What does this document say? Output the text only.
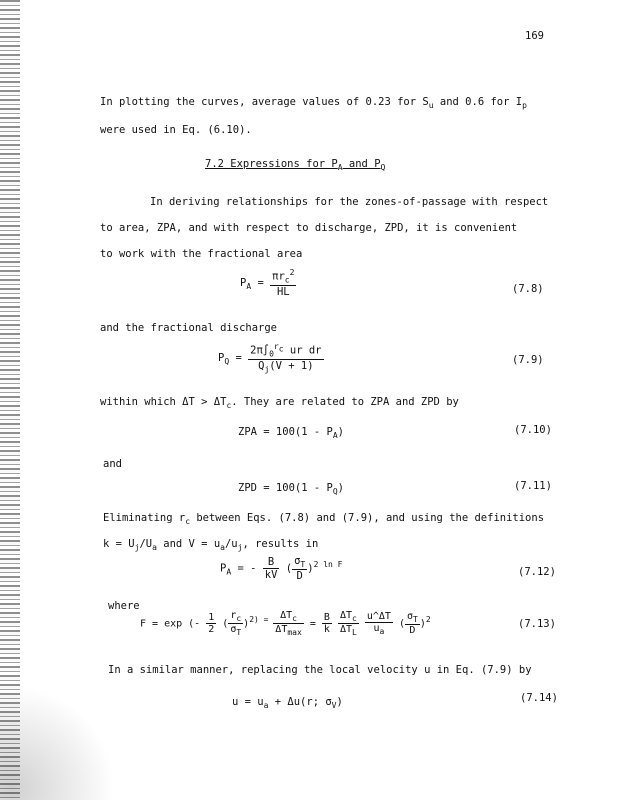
169
In plotting the curves, average values of 0.23 for $S_u$ and 0.6 for $I_p$
were used in Eq. (6.10).
7.2 Expressions for $P_A$ and $P_Q$
In deriving relationships for the zones-of-passage with respect
to area, ZPA, and with respect to discharge, ZPD, it is convenient
to work with the fractional area
$P_A = \frac{\pi r_c^2}{HL}$	(7.8)
and the fractional discharge
$P_Q = \frac{2\pi\int_0^{r_c} ur dr}{Q_j(V + 1)}$	(7.9)
within which $\Delta T > \Delta T_c$. They are related to ZPA and ZPD by
ZPA = $100(1 - P_A)$	(7.10)
and
ZPD = $100(1 - P_Q)$	(7.11)
Eliminating $r_c$ between Eqs. (7.8) and (7.9), and using the definitions
$k = U_j/U_a$ and $V = u_a/u_j$, results in
$P_A$ = - $\frac{B}{kV}$ ( $\frac{\sigma_T}{D} )^{2 ln F}$
(7.12)
where
F = exp (- $\frac{1}{2}$ ( $\frac{r_c}{\sigma_T} )^{2) =} \frac{\Delta T_c}{\Delta T_{max}} = \frac{B}{k}$
$\frac{\Delta T_c}{\Delta T_L}$
$\frac{u\^{}\Delta T}{u_a}$ ( $\frac{\sigma_T}{D} )^2$	(7.13)
In a similar manner, replacing the local velocity u in Eq. (7.9) by
$u = u_a + \Delta u(r$; $\sigma_V$)	(7.14)
